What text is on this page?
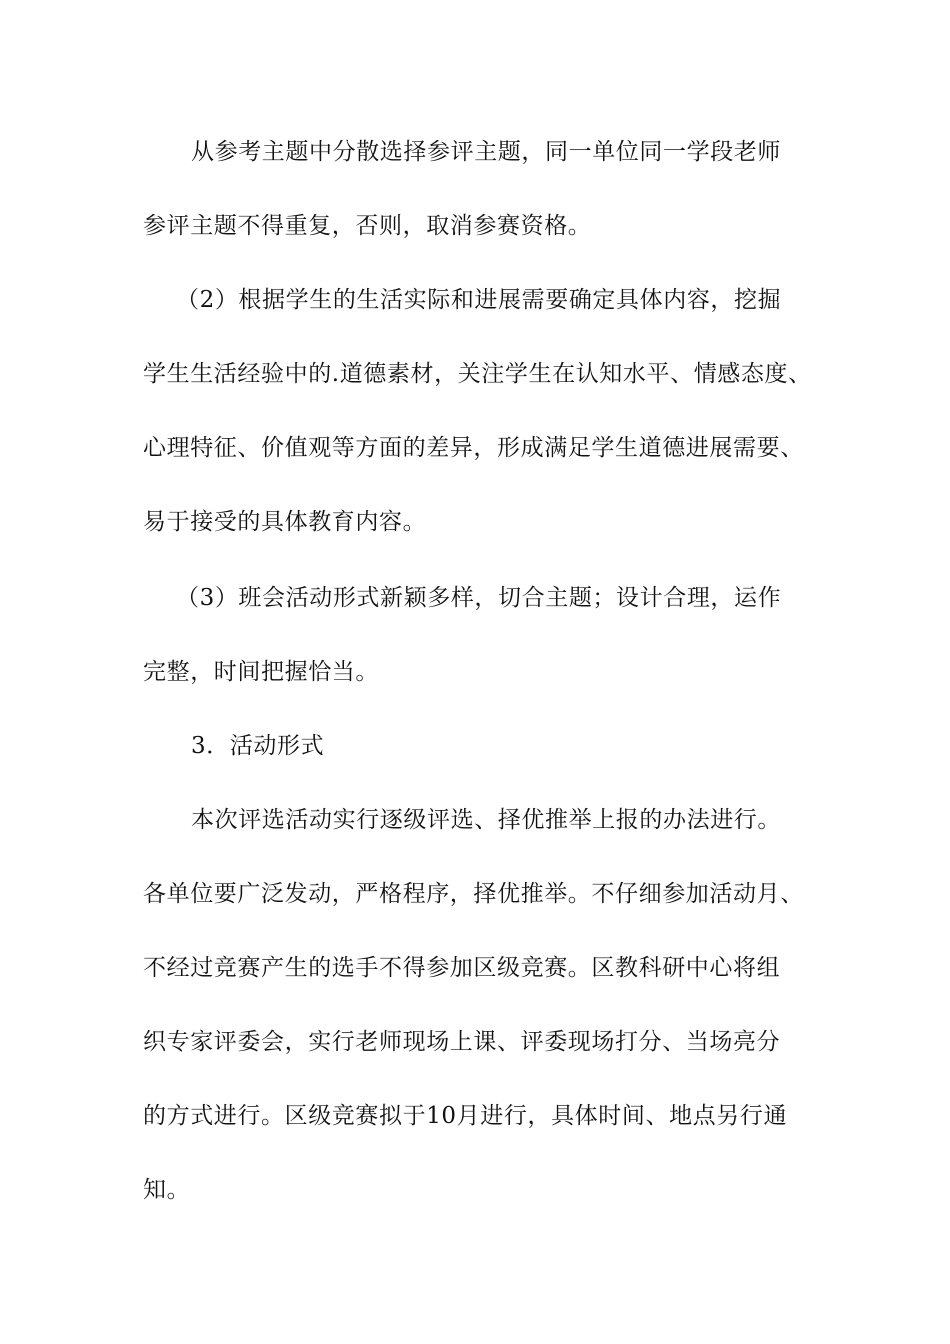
从参考主题中分散选择参评主题，同一单位同一学段老师
参评主题不得重复，否则，取消参赛资格。
（2）根据学生的生活实际和进展需要确定具体内容，挖掘
学生生活经验中的.道德素材，关注学生在认知水平、情感态度、
心理特征、价值观等方面的差异，形成满足学生道德进展需要、
易于接受的具体教育内容。
（3）班会活动形式新颖多样，切合主题；设计合理，运作
完整，时间把握恰当。
3．活动形式
本次评选活动实行逐级评选、择优推举上报的办法进行。
各单位要广泛发动，严格程序，择优推举。不仔细参加活动月、
不经过竞赛产生的选手不得参加区级竞赛。区教科研中心将组
织专家评委会，实行老师现场上课、评委现场打分、当场亮分
的方式进行。区级竞赛拟于10月进行，具体时间、地点另行通
知。
